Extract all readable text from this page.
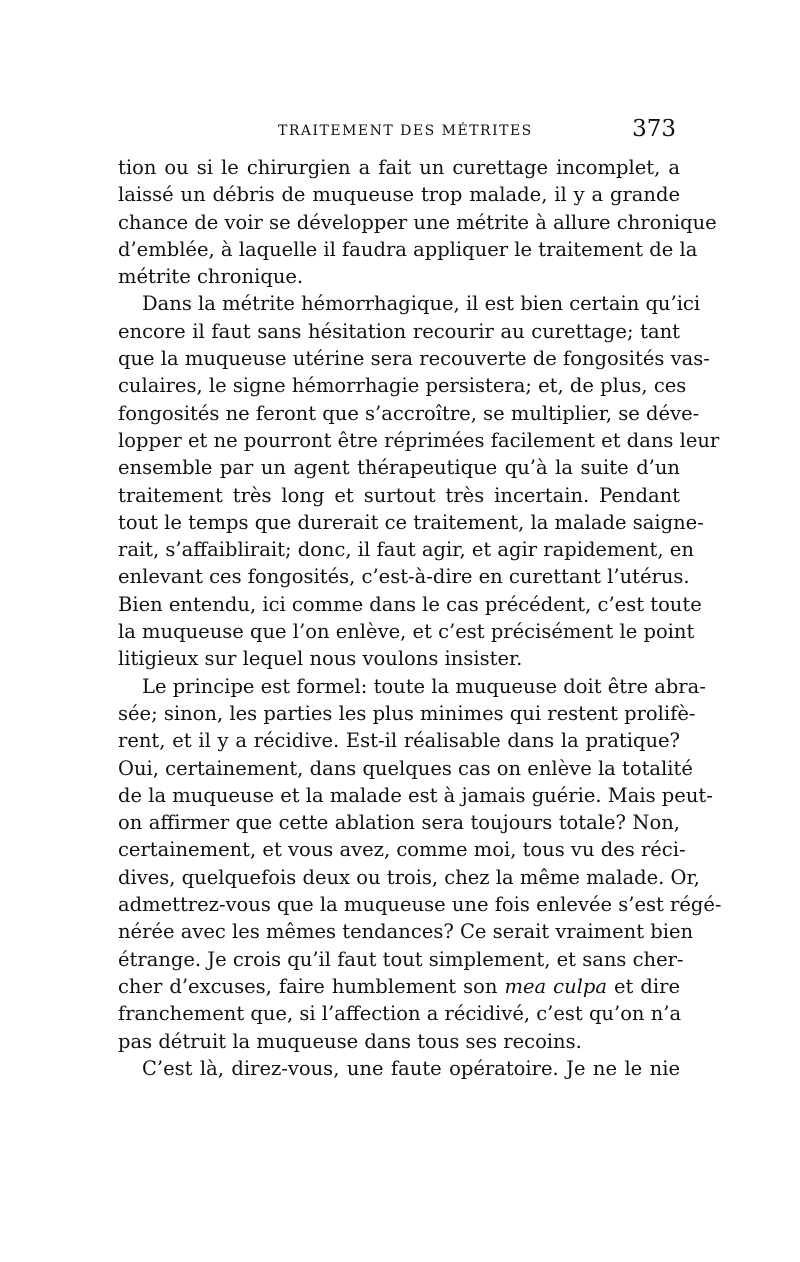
TRAITEMENT DES MÉTRITES	373
tion ou si le chirurgien a fait un curettage incomplet, a
laissé un débris de muqueuse trop malade, il y a grande
chance de voir se développer une métrite à allure chronique
d’emblée, à laquelle il faudra appliquer le traitement de la
métrite chronique.
Dans la métrite hémorrhagique, il est bien certain qu’ici
encore il faut sans hésitation recourir au curettage; tant
que la muqueuse utérine sera recouverte de fongosités vas-
culaires, le signe hémorrhagie persistera; et, de plus, ces
fongosités ne feront que s’accroître, se multiplier, se déve-
lopper et ne pourront être réprimées facilement et dans leur
ensemble par un agent thérapeutique qu’à la suite d’un
traitement très long et surtout très incertain. Pendant
tout le temps que durerait ce traitement, la malade saigne-
rait, s’affaiblirait; donc, il faut agir, et agir rapidement, en
enlevant ces fongosités, c’est-à-dire en curettant l’utérus.
Bien entendu, ici comme dans le cas précédent, c’est toute
la muqueuse que l’on enlève, et c’est précisément le point
litigieux sur lequel nous voulons insister.
Le principe est formel: toute la muqueuse doit être abra-
sée; sinon, les parties les plus minimes qui restent prolifè-
rent, et il y a récidive. Est-il réalisable dans la pratique?
Oui, certainement, dans quelques cas on enlève la totalité
de la muqueuse et la malade est à jamais guérie. Mais peut-
on affirmer que cette ablation sera toujours totale? Non,
certainement, et vous avez, comme moi, tous vu des réci-
dives, quelquefois deux ou trois, chez la même malade. Or,
admettrez-vous que la muqueuse une fois enlevée s’est régé-
nérée avec les mêmes tendances? Ce serait vraiment bien
étrange. Je crois qu’il faut tout simplement, et sans cher-
cher d’excuses, faire humblement son mea culpa et dire
franchement que, si l’affection a récidivé, c’est qu’on n’a
pas détruit la muqueuse dans tous ses recoins.
C’est là, direz-vous, une faute opératoire. Je ne le nie
